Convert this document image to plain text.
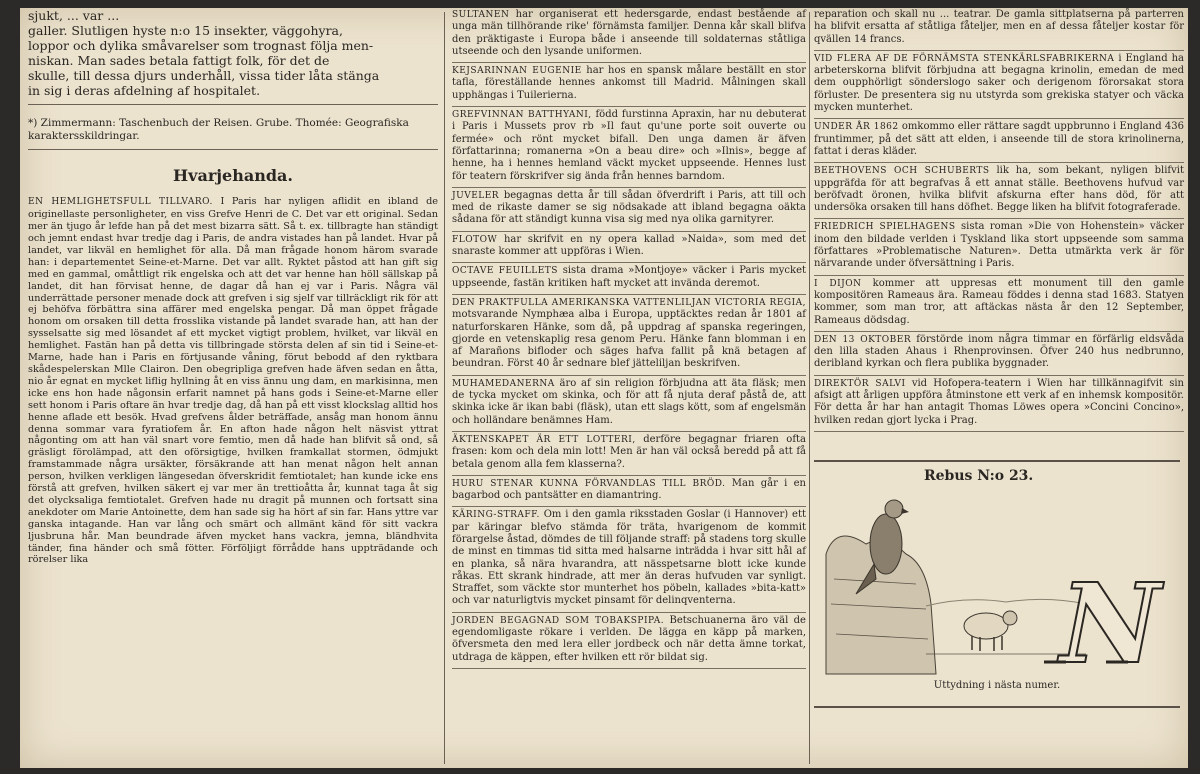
sjukt, ... var ...
galler. Slutligen hyste n:o 15 insekter, väggohyra,
loppor och dylika småvarelser som trognast följa men-
niskan. Man sades betala fattigt folk, för det de
skulle, till dessa djurs underhåll, vissa tider låta stänga
in sig i deras afdelning af hospitalet.
*) Zimmermann: Taschenbuch der Reisen. Grube. Thomée: Geografiska karaktersskildringar.
Hvarjehanda.

EN HEMLIGHETSFULL TILLVARO. I Paris har nyligen aflidit en ibland de originellaste personligheter, en viss Grefve Henri de C. Det var ett original. Sedan mer än tjugo år lefde han på det mest bizarra sätt. Så t. ex. tillbragte han ständigt och jemnt endast hvar tredje dag i Paris, de andra vistades han på landet. Hvar på landet, var likväl en hemlighet för alla. Då man frågade honom härom svarade han: i departementet Seine-et-Marne. Det var allt. Ryktet påstod att han gift sig med en gammal, omåttligt rik engelska och att det var henne han höll sällskap på landet, dit han förvisat henne, de dagar då han ej var i Paris. Några väl underrättade personer menade dock att grefven i sig sjelf var tillräckligt rik för att ej behöfva förbättra sina affärer med engelska pengar. Då man öppet frågade honom om orsaken till detta frosslika vistande på landet svarade han, att han der sysselsatte sig med lösandet af ett mycket vigtigt problem, hvilket, var likväl en hemlighet. Fastän han på detta vis tillbringade största delen af sin tid i Seine-et-Marne, hade han i Paris en förtjusande våning, förut bebodd af den ryktbara skådespelerskan Mlle Clairon. Den obegripliga grefven hade äfven sedan en åtta, nio år egnat en mycket liflig hyllning åt en viss ännu ung dam, en markisinna, men icke ens hon hade någonsin erfarit namnet på hans gods i Seine-et-Marne eller sett honom i Paris oftare än hvar tredje dag, då han på ett visst klockslag alltid hos henne aflade ett besök. Hvad grefvens ålder beträffade, ansåg man honom ännu denna sommar vara fyratiofem år. En afton hade någon helt näsvist yttrat någonting om att han väl snart vore femtio, men då hade han blifvit så ond, så gräsligt förolämpad, att den oförsigtige, hvilken framkallat stormen, ödmjukt framstammade några ursäkter, försäkrande att han menat någon helt annan person, hvilken verkligen längesedan öfverskridit femtiotalet; han kunde icke ens förstå att grefven, hvilken säkert ej var mer än trettioåtta år, kunnat taga åt sig det olycksaliga femtiotalet. Grefven hade nu dragit på munnen och fortsatt sina anekdoter om Marie Antoinette, dem han sade sig ha hört af sin far. Hans yttre var ganska intagande. Han var lång och smärt och allmänt känd för sitt vackra ljusbruna hår. Man beundrade äfven mycket hans vackra, jemna, bländhvita tänder, fina händer och små fötter. Förföljigt förrådde hans uppträdande och rörelser lika

SULTANEN har organiserat ett hedersgarde, endast bestående af unga män tillhörande rike' förnämsta familjer. Denna kår skall blifva den präktigaste i Europa både i anseende till soldaternas ståtliga utseende och den lysande uniformen.

KEJSARINNAN EUGENIE har hos en spansk målare beställt en stor tafla, föreställande hennes ankomst till Madrid. Målningen skall upphängas i Tuilerierna.

GREFVINNAN BATTHYANI, född furstinna Apraxin, har nu debuterat i Paris i Mussets prov rb »Il faut qu'une porte soit ouverte ou fermée» och rönt mycket bifall. Den unga damen är äfven författarinna; romanerna »On a beau dire» och »Ilnis», begge af henne, ha i hennes hemland väckt mycket uppseende. Hennes lust för teatern förskrifver sig ända från hennes barndom.

JUVELER begagnas detta år till sådan öfverdrift i Paris, att till och med de rikaste damer se sig nödsakade att ibland begagna oäkta sådana för att ständigt kunna visa sig med nya olika garnityrer.

FLOTOW har skrifvit en ny opera kallad »Naida», som med det snaraste kommer att uppföras i Wien.

OCTAVE FEUILLETS sista drama »Montjoye» väcker i Paris mycket uppseende, fastän kritiken haft mycket att invända deremot.

DEN PRAKTFULLA AMERIKANSKA VATTENLILJAN VICTORIA REGIA, motsvarande Nymphæa alba i Europa, upptäcktes redan år 1801 af naturforskaren Hänke, som då, på uppdrag af spanska regeringen, gjorde en vetenskaplig resa genom Peru. Hänke fann blomman i en af Marañons bifloder och säges hafva fallit på knä betagen af beundran. Först 40 år sednare blef jätteliljan beskrifven.

MUHAMEDANERNA äro af sin religion förbjudna att äta fläsk; men de tycka mycket om skinka, och för att få njuta deraf påstå de, att skinka icke är ikan babi (fläsk), utan ett slags kött, som af engelsmän och holländare benämnes Ham.

ÄKTENSKAPET ÄR ETT LOTTERI, derföre begagnar friaren ofta frasen: kom och dela min lott! Men är han väl också beredd på att få betala genom alla fem klasserna?.

HURU STENAR KUNNA FÖRVANDLAS TILL BRÖD. Man går i en bagarbod och pantsätter en diamantring.

KÄRING-STRAFF. Om i den gamla riksstaden Goslar (i Hannover) ett par käringar blefvo stämda för träta, hvarigenom de kommit förargelse åstad, dömdes de till följande straff: på stadens torg skulle de minst en timmas tid sitta med halsarne inträdda i hvar sitt hål af en planka, så nära hvarandra, att nässpetsarne blott icke kunde råkas. Ett skrank hindrade, att mer än deras hufvuden var synligt. Straffet, som väckte stor munterhet hos pöbeln, kallades »bita-katt» och var naturligtvis mycket pinsamt för delinqventerna.

JORDEN BEGAGNAD SOM TOBAKSPIPA. Betschuanerna äro väl de egendomligaste rökare i verlden. De lägga en käpp på marken, öfversmeta den med lera eller jordbeck och när detta ämne torkat, utdraga de käppen, efter hvilken ett rör bildat sig.

reparation och skall nu ... teatrar. De gamla sittplatserna på parterren ha blifvit ersatta af ståtliga fåteljer, men en af dessa fåteljer kostar för qvällen 14 francs.

VID FLERA AF DE FÖRNÄMSTA STENKÄRLSFABRIKERNA i England ha arbeterskorna blifvit förbjudna att begagna krinolin, emedan de med dem oupphörligt sönderslogo saker och derigenom förorsakat stora förluster. De presentera sig nu utstyrda som grekiska statyer och väcka mycken munterhet.

UNDER ÅR 1862 omkommo eller rättare sagdt uppbrunno i England 436 fruntimmer, på det sätt att elden, i anseende till de stora krinolinerna, fattat i deras kläder.

BEETHOVENS OCH SCHUBERTS lik ha, som bekant, nyligen blifvit uppgräfda för att begrafvas å ett annat ställe. Beethovens hufvud var beröfvadt öronen, hvilka blifvit afskurna efter hans död, för att undersöka orsaken till hans döfhet. Begge liken ha blifvit fotograferade.

FRIEDRICH SPIELHAGENS sista roman »Die von Hohenstein» väcker inom den bildade verlden i Tyskland lika stort uppseende som samma författares »Problematische Naturen». Detta utmärkta verk är för närvarande under öfversättning i Paris.

I DIJON kommer att uppresas ett monument till den gamle kompositören Rameaus ära. Rameau föddes i denna stad 1683. Statyen kommer, som man tror, att aftäckas nästa år den 12 September, Rameaus dödsdag.

DEN 13 OKTOBER förstörde inom några timmar en förfärlig eldsvåda den lilla staden Ahaus i Rhenprovinsen. Öfver 240 hus nedbrunno, deribland kyrkan och flera publika byggnader.

DIREKTÖR SALVI vid Hofopera-teatern i Wien har tillkännagifvit sin afsigt att årligen uppföra åtminstone ett verk af en inhemsk kompositör. För detta år har han antagit Thomas Löwes opera »Concini Concino», hvilken redan gjort lycka i Prag.

Rebus N:o 23.
N
Uttydning i nästa numer.
